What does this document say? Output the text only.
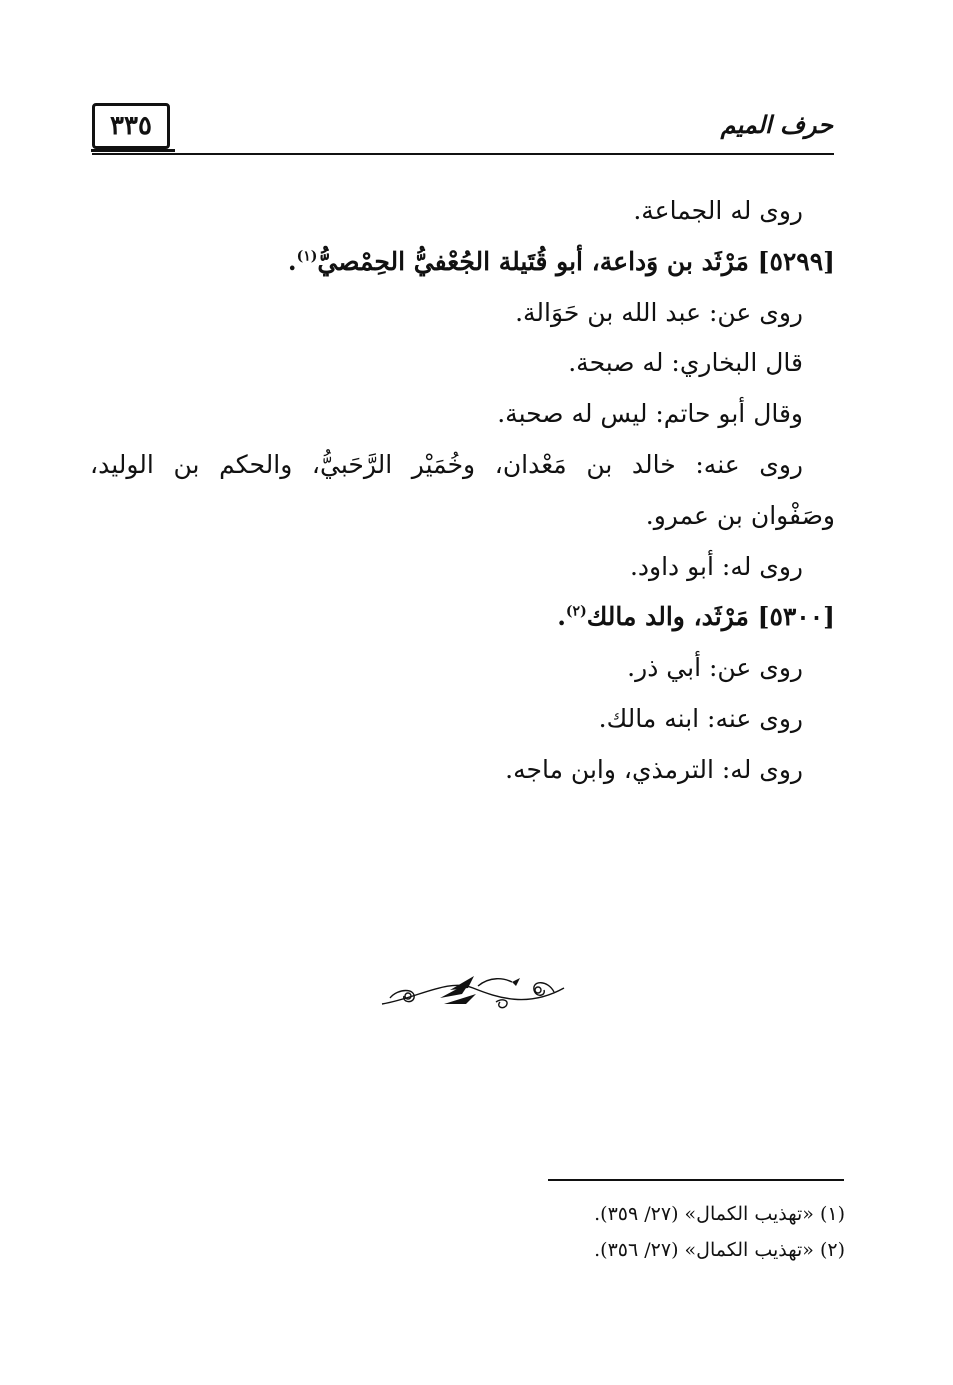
٣٣٥	حرف الميم
روى له الجماعة.
[٥٢٩٩] مَرْثَد بن وَداعة، أبو قُتَيلة الجُعْفيُّ الحِمْصيُّ$^{(١)}$.
روى عن: عبد الله بن حَوَالة.
قال البخاري: له صبحة.
وقال أبو حاتم: ليس له صحبة.
روى عنه: خالد بن مَعْدان، وخُمَيْر الرَّحَبيُّ، والحكم بن الوليد،
وصَفْوان بن عمرو.
روى له: أبو داود.
[٥٣٠٠] مَرْثَد، والد مالك$^{(٢)}$.
روى عن: أبي ذر.
روى عنه: ابنه مالك.
روى له: الترمذي، وابن ماجه.
(١) «تهذيب الكمال» (٢٧/ ٣٥٩).
(٢) «تهذيب الكمال» (٢٧/ ٣٥٦).
